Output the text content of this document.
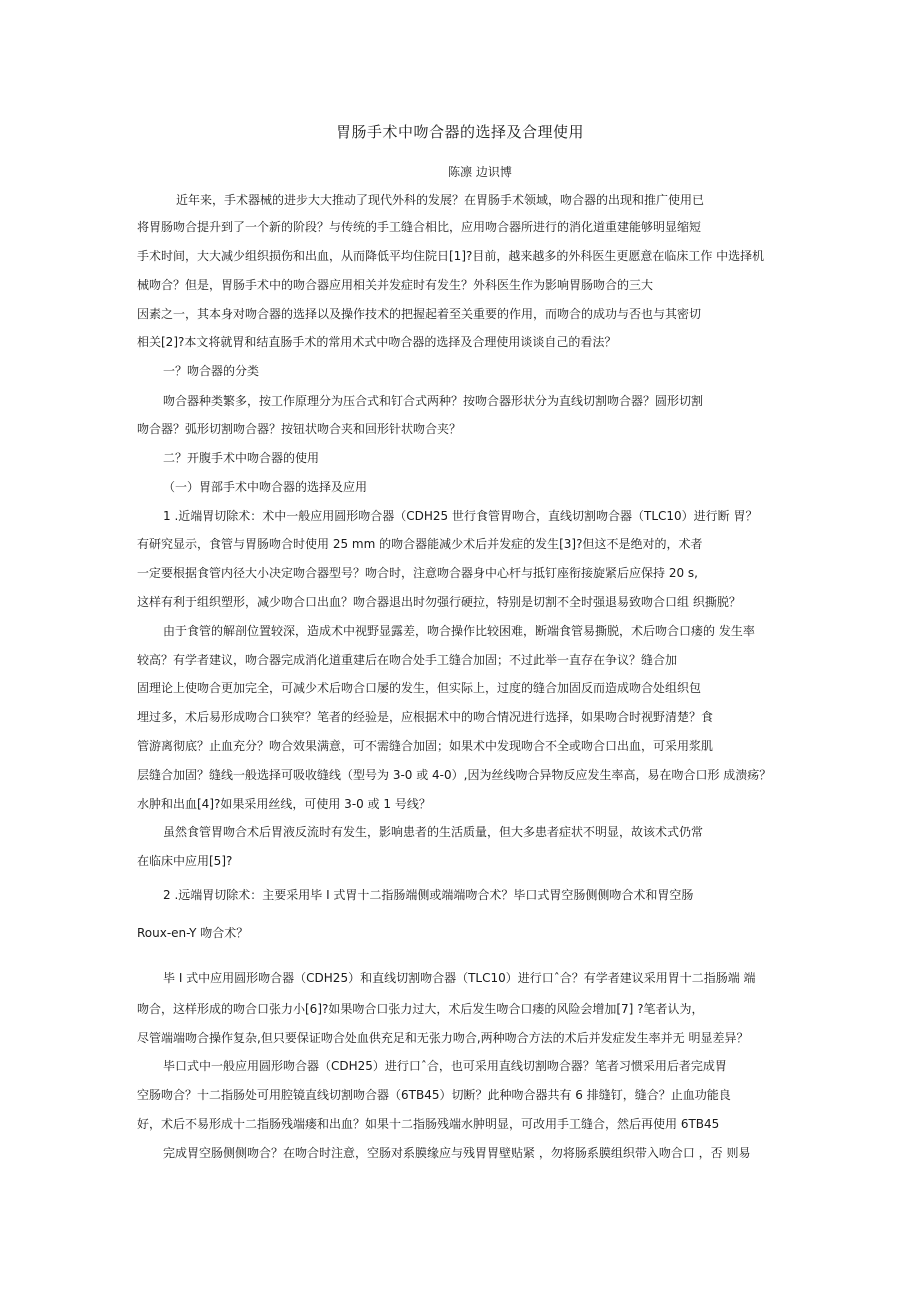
胃肠手术中吻合器的选择及合理使用
陈凛 边识博
近年来，手术器械的进步大大推动了现代外科的发展？在胃肠手术领域，吻合器的出现和推广使用已
将胃肠吻合提升到了一个新的阶段？与传统的手工缝合相比，应用吻合器所进行的消化道重建能够明显缩短
手术时间，大大减少组织损伤和出血，从而降低平均住院日[1]?目前，越来越多的外科医生更愿意在临床工作 中选择机
械吻合？但是，胃肠手术中的吻合器应用相关并发症时有发生？外科医生作为影响胃肠吻合的三大
因素之一，其本身对吻合器的选择以及操作技术的把握起着至关重要的作用，而吻合的成功与否也与其密切
相关[2]?本文将就胃和结直肠手术的常用术式中吻合器的选择及合理使用谈谈自己的看法？
一？吻合器的分类
吻合器种类繁多，按工作原理分为压合式和钉合式两种？按吻合器形状分为直线切割吻合器？圆形切割
吻合器？弧形切割吻合器？按钮状吻合夹和回形针状吻合夹？
二？开腹手术中吻合器的使用
（一）胃部手术中吻合器的选择及应用
1 .近端胃切除术：术中一般应用圆形吻合器（CDH25 世行食管胃吻合，直线切割吻合器（TLC10）进行断 胃？
有研究显示，食管与胃肠吻合时使用 25 mm 的吻合器能减少术后并发症的发生[3]?但这不是绝对的，术者
一定要根据食管内径大小决定吻合器型号？吻合时，注意吻合器身中心杆与抵钉座衔接旋紧后应保持 20 s,
这样有利于组织塑形，减少吻合口出血？吻合器退出时勿强行硬拉，特别是切割不全时强退易致吻合口组 织撕脱？
由于食管的解剖位置较深，造成术中视野显露差，吻合操作比较困难，断端食管易撕脱，术后吻合口瘘的 发生率
较高？有学者建议，吻合器完成消化道重建后在吻合处手工缝合加固；不过此举一直存在争议？缝合加
固理论上使吻合更加完全，可减少术后吻合口屡的发生，但实际上，过度的缝合加固反而造成吻合处组织包
埋过多，术后易形成吻合口狭窄？笔者的经验是，应根据术中的吻合情况进行选择，如果吻合时视野清楚？食
管游离彻底？止血充分？吻合效果满意，可不需缝合加固；如果术中发现吻合不全或吻合口出血，可采用浆肌
层缝合加固？缝线一般选择可吸收缝线（型号为 3-0 或 4-0）,因为丝线吻合异物反应发生率高，易在吻合口形 成溃疡？
水肿和出血[4]?如果采用丝线，可使用 3-0 或 1 号线？
虽然食管胃吻合术后胃液反流时有发生，影响患者的生活质量，但大多患者症状不明显，故该术式仍常
在临床中应用[5]?
2 .远端胃切除术：主要采用毕 I 式胃十二指肠端侧或端端吻合术？毕口式胃空肠侧侧吻合术和胃空肠
Roux-en-Y 吻合术？
毕 I 式中应用圆形吻合器（CDH25）和直线切割吻合器（TLC10）进行口ˆ合？有学者建议采用胃十二指肠端 端
吻合，这样形成的吻合口张力小[6]?如果吻合口张力过大，术后发生吻合口瘘的风险会增加[7] ?笔者认为，
尽管端端吻合操作复杂,但只要保证吻合处血供充足和无张力吻合,两种吻合方法的术后并发症发生率并无 明显差异？
毕口式中一般应用圆形吻合器（CDH25）进行口ˆ合，也可采用直线切割吻合器？笔者习惯采用后者完成胃
空肠吻合？十二指肠处可用腔镜直线切割吻合器（6TB45）切断？此种吻合器共有 6 排缝钉，缝合？止血功能良
好，术后不易形成十二指肠残端瘘和出血？如果十二指肠残端水肿明显，可改用手工缝合，然后再使用 6TB45
完成胃空肠侧侧吻合？在吻合时注意，空肠对系膜缘应与残胃胃壁贴紧 ，勿将肠系膜组织带入吻合口 ，否 则易
